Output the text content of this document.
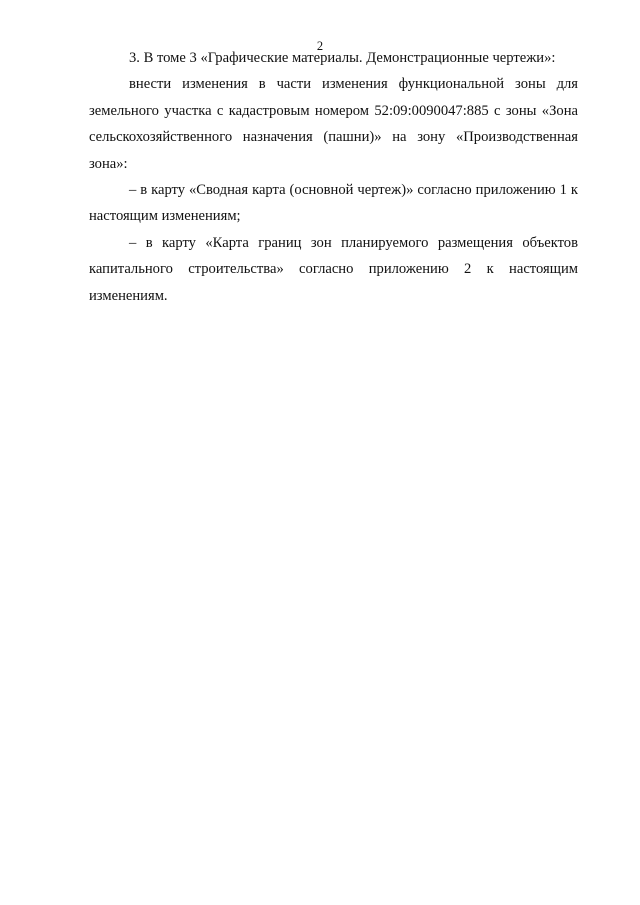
2

3. В томе 3 «Графические материалы. Демонстрационные чертежи»:

внести изменения в части изменения функциональной зоны для земельного участка с кадастровым номером 52:09:0090047:885 с зоны «Зона сельскохозяйственного назначения (пашни)» на зону «Производственная зона»:

– в карту «Сводная карта (основной чертеж)» согласно приложению 1 к настоящим изменениям;

– в карту «Карта границ зон планируемого размещения объектов капитального строительства» согласно приложению 2 к настоящим изменениям.
